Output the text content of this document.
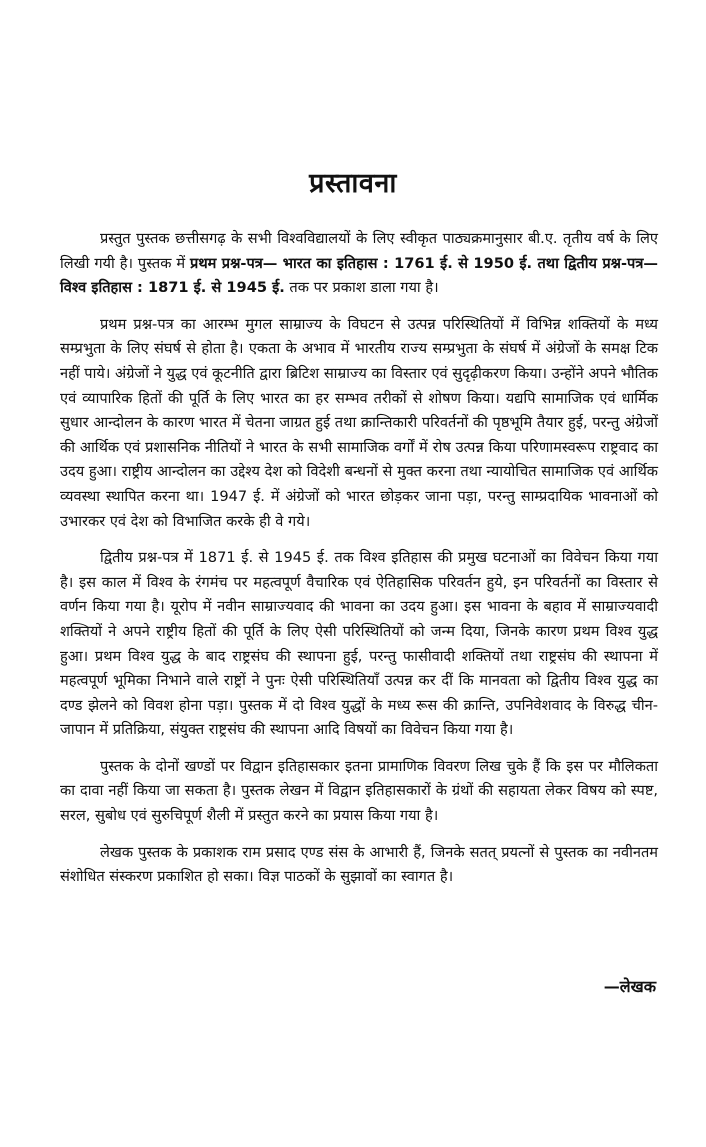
प्रस्तावना

प्रस्तुत पुस्तक छत्तीसगढ़ के सभी विश्वविद्यालयों के लिए स्वीकृत पाठ्यक्रमानुसार बी.ए. तृतीय वर्ष के लिए लिखी गयी है। पुस्तक में प्रथम प्रश्न-पत्र— भारत का इतिहास : 1761 ई. से 1950 ई. तथा द्वितीय प्रश्न-पत्र— विश्व इतिहास : 1871 ई. से 1945 ई. तक पर प्रकाश डाला गया है।

प्रथम प्रश्न-पत्र का आरम्भ मुगल साम्राज्य के विघटन से उत्पन्न परिस्थितियों में विभिन्न शक्तियों के मध्य सम्प्रभुता के लिए संघर्ष से होता है। एकता के अभाव में भारतीय राज्य सम्प्रभुता के संघर्ष में अंग्रेजों के समक्ष टिक नहीं पाये। अंग्रेजों ने युद्ध एवं कूटनीति द्वारा ब्रिटिश साम्राज्य का विस्तार एवं सुदृढ़ीकरण किया। उन्होंने अपने भौतिक एवं व्यापारिक हितों की पूर्ति के लिए भारत का हर सम्भव तरीकों से शोषण किया। यद्यपि सामाजिक एवं धार्मिक सुधार आन्दोलन के कारण भारत में चेतना जाग्रत हुई तथा क्रान्तिकारी परिवर्तनों की पृष्ठभूमि तैयार हुई, परन्तु अंग्रेजों की आर्थिक एवं प्रशासनिक नीतियों ने भारत के सभी सामाजिक वर्गों में रोष उत्पन्न किया परिणामस्वरूप राष्ट्रवाद का उदय हुआ। राष्ट्रीय आन्दोलन का उद्देश्य देश को विदेशी बन्धनों से मुक्त करना तथा न्यायोचित सामाजिक एवं आर्थिक व्यवस्था स्थापित करना था। 1947 ई. में अंग्रेजों को भारत छोड़कर जाना पड़ा, परन्तु साम्प्रदायिक भावनाओं को उभारकर एवं देश को विभाजित करके ही वे गये।

द्वितीय प्रश्न-पत्र में 1871 ई. से 1945 ई. तक विश्व इतिहास की प्रमुख घटनाओं का विवेचन किया गया है। इस काल में विश्व के रंगमंच पर महत्वपूर्ण वैचारिक एवं ऐतिहासिक परिवर्तन हुये, इन परिवर्तनों का विस्तार से वर्णन किया गया है। यूरोप में नवीन साम्राज्यवाद की भावना का उदय हुआ। इस भावना के बहाव में साम्राज्यवादी शक्तियों ने अपने राष्ट्रीय हितों की पूर्ति के लिए ऐसी परिस्थितियों को जन्म दिया, जिनके कारण प्रथम विश्व युद्ध हुआ। प्रथम विश्व युद्ध के बाद राष्ट्रसंघ की स्थापना हुई, परन्तु फासीवादी शक्तियों तथा राष्ट्रसंघ की स्थापना में महत्वपूर्ण भूमिका निभाने वाले राष्ट्रों ने पुनः ऐसी परिस्थितियाँ उत्पन्न कर दीं कि मानवता को द्वितीय विश्व युद्ध का दण्ड झेलने को विवश होना पड़ा। पुस्तक में दो विश्व युद्धों के मध्य रूस की क्रान्ति, उपनिवेशवाद के विरुद्ध चीन-जापान में प्रतिक्रिया, संयुक्त राष्ट्रसंघ की स्थापना आदि विषयों का विवेचन किया गया है।

पुस्तक के दोनों खण्डों पर विद्वान इतिहासकार इतना प्रामाणिक विवरण लिख चुके हैं कि इस पर मौलिकता का दावा नहीं किया जा सकता है। पुस्तक लेखन में विद्वान इतिहासकारों के ग्रंथों की सहायता लेकर विषय को स्पष्ट, सरल, सुबोध एवं सुरुचिपूर्ण शैली में प्रस्तुत करने का प्रयास किया गया है।

लेखक पुस्तक के प्रकाशक राम प्रसाद एण्ड संस के आभारी हैं, जिनके सतत् प्रयत्नों से पुस्तक का नवीनतम संशोधित संस्करण प्रकाशित हो सका। विज्ञ पाठकों के सुझावों का स्वागत है।

—लेखक
